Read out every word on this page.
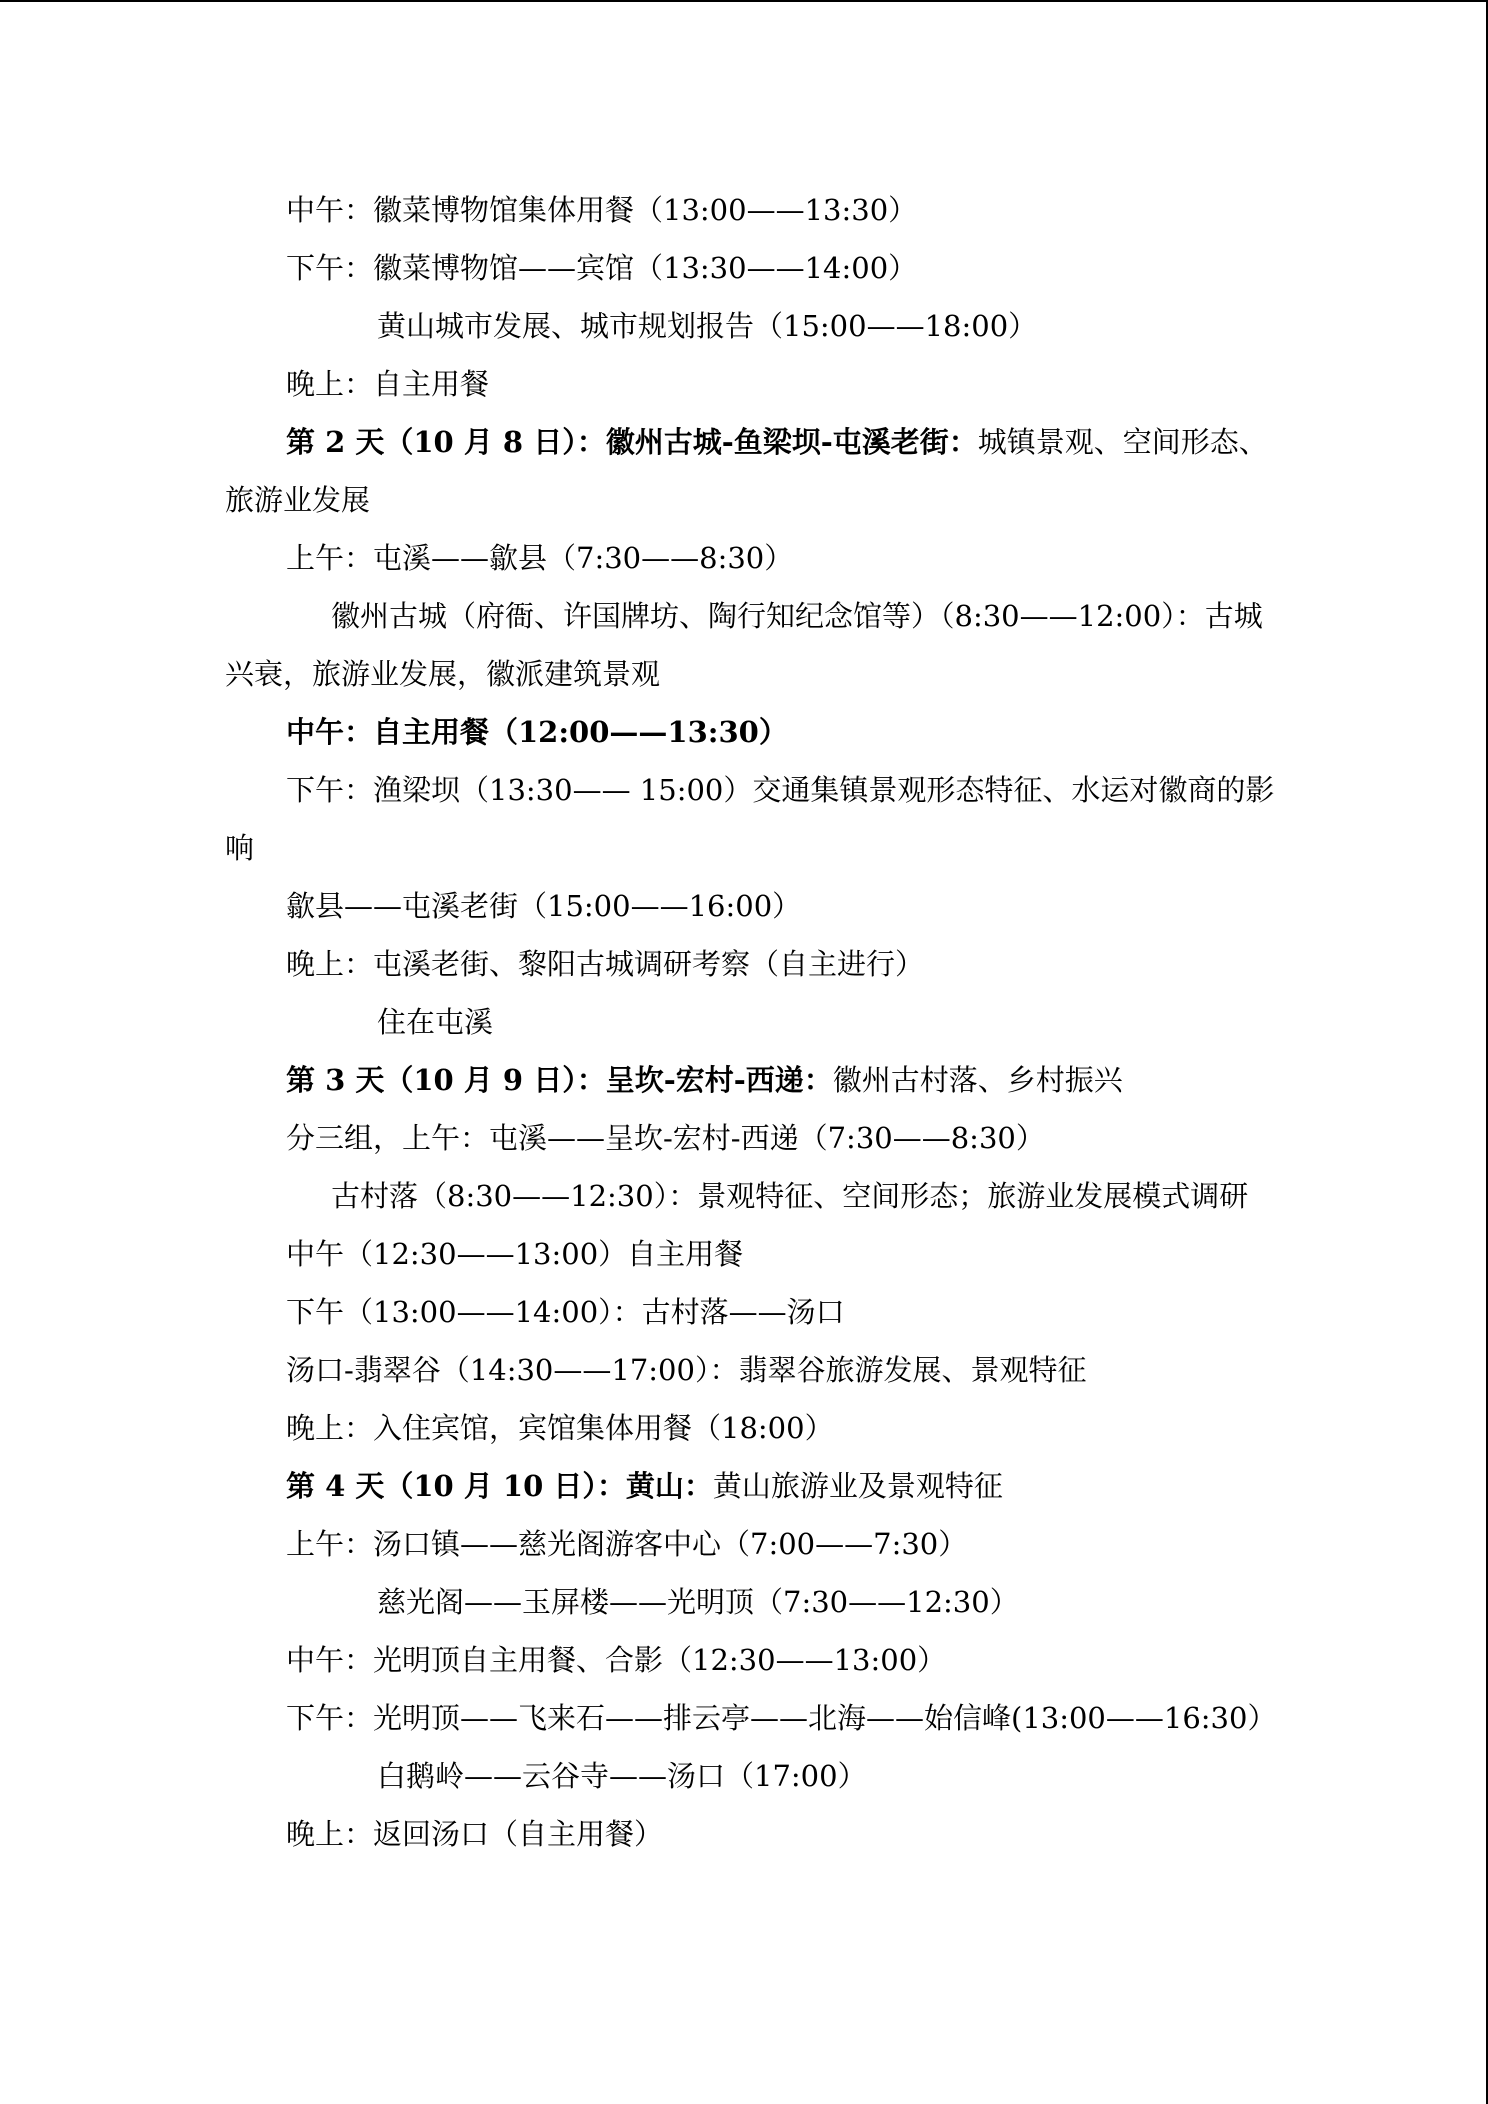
中午：徽菜博物馆集体用餐（13:00——13:30）
下午：徽菜博物馆——宾馆（13:30——14:00）
黄山城市发展、城市规划报告（15:00——18:00）
晚上：自主用餐
第 2 天（10 月 8 日）：徽州古城-鱼梁坝-屯溪老街：城镇景观、空间形态、
旅游业发展
上午：屯溪——歙县（7:30——8:30）
徽州古城（府衙、许国牌坊、陶行知纪念馆等）（8:30——12:00）：古城
兴衰，旅游业发展，徽派建筑景观
中午：自主用餐（12:00——13:30）
下午：渔梁坝（13:30—— 15:00）交通集镇景观形态特征、水运对徽商的影
响
歙县——屯溪老街（15:00——16:00）
晚上：屯溪老街、黎阳古城调研考察（自主进行）
住在屯溪
第 3 天（10 月 9 日）：呈坎-宏村-西递：徽州古村落、乡村振兴
分三组，上午：屯溪——呈坎-宏村-西递（7:30——8:30）
古村落（8:30——12:30）：景观特征、空间形态；旅游业发展模式调研
中午（12:30——13:00）自主用餐
下午（13:00——14:00）：古村落——汤口
汤口-翡翠谷（14:30——17:00）：翡翠谷旅游发展、景观特征
晚上：入住宾馆，宾馆集体用餐（18:00）
第 4 天（10 月 10 日）：黄山：黄山旅游业及景观特征
上午：汤口镇——慈光阁游客中心（7:00——7:30）
慈光阁——玉屏楼——光明顶（7:30——12:30）
中午：光明顶自主用餐、合影（12:30——13:00）
下午：光明顶——飞来石——排云亭——北海——始信峰(13:00——16:30）
白鹅岭——云谷寺——汤口（17:00）
晚上：返回汤口（自主用餐）
